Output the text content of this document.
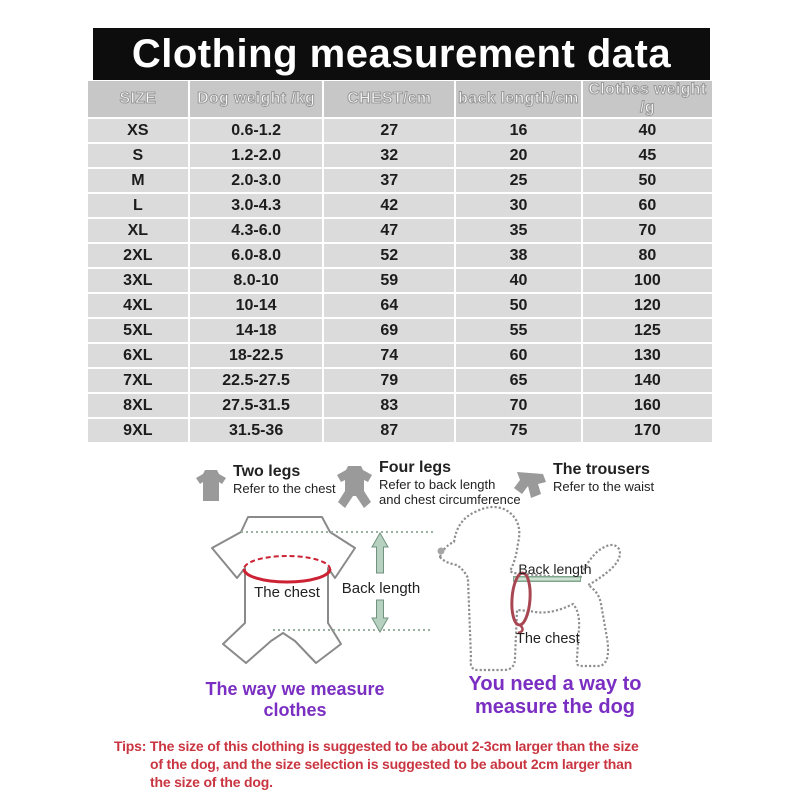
Clothing measurement data
SIZE	Dog weight /kg	CHEST/cm	back length/cm	Clothes weight /g
XS	0.6-1.2	27	16	40
S	1.2-2.0	32	20	45
M	2.0-3.0	37	25	50
L	3.0-4.3	42	30	60
XL	4.3-6.0	47	35	70
2XL	6.0-8.0	52	38	80
3XL	8.0-10	59	40	100
4XL	10-14	64	50	120
5XL	14-18	69	55	125
6XL	18-22.5	74	60	130
7XL	22.5-27.5	79	65	140
8XL	27.5-31.5	83	70	160
9XL	31.5-36	87	75	170
Two legs
Refer to the chest
Four legs
Refer to back length
and chest circumference
The trousers
Refer to the waist
The chest Back length
Back length
The chest
The way we measure clothes
You need a way to
measure the dog
Tips: The size of this clothing is suggested to be about 2-3cm larger than the size
of the dog, and the size selection is suggested to be about 2cm larger than
the size of the dog.
